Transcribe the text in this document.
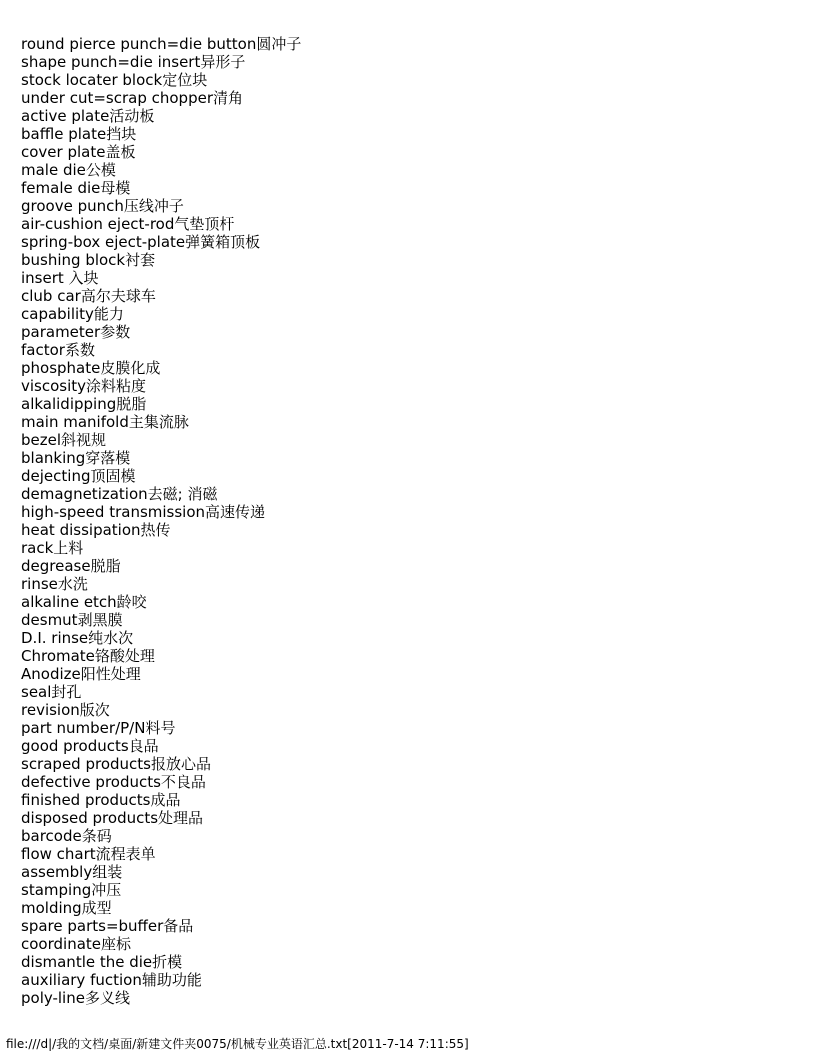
round pierce punch=die button圆冲子
shape punch=die insert异形子
stock locater block定位块
under cut=scrap chopper清角
active plate活动板
baffle plate挡块
cover plate盖板
male die公模
female die母模
groove punch压线冲子
air-cushion eject-rod气垫顶杆
spring-box eject-plate弹簧箱顶板
bushing block衬套
insert 入块
club car高尔夫球车
capability能力
parameter参数
factor系数
phosphate皮膜化成
viscosity涂料粘度
alkalidipping脱脂
main manifold主集流脉
bezel斜视规
blanking穿落模
dejecting顶固模
demagnetization去磁; 消磁
high-speed transmission高速传递
heat dissipation热传
rack上料
degrease脱脂
rinse水洗
alkaline etch龄咬
desmut剥黑膜
D.I. rinse纯水次
Chromate铬酸处理
Anodize阳性处理
seal封孔
revision版次
part number/P/N料号
good products良品
scraped products报放心品
defective products不良品
finished products成品
disposed products处理品
barcode条码
flow chart流程表单
assembly组装
stamping冲压
molding成型
spare parts=buffer备品
coordinate座标
dismantle the die折模
auxiliary fuction辅助功能
poly-line多义线
file:///d|/我的文档/桌面/新建文件夹0075/机械专业英语汇总.txt[2011-7-14 7:11:55]
